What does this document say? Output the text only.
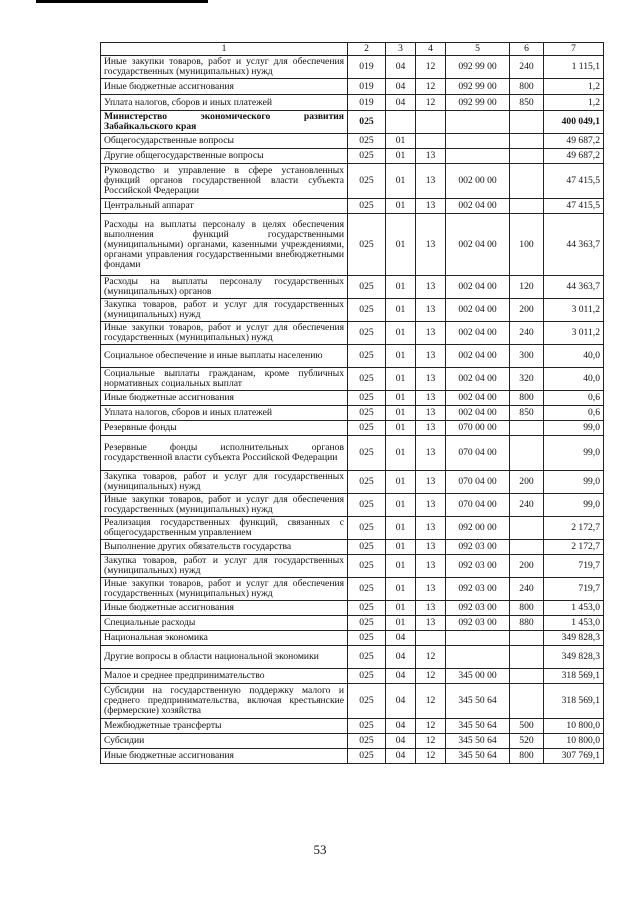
1	2	3	4	5	6	7
Иные закупки товаров, работ и услуг для обеспечения государственных (муниципальных) нужд	019	04	12	092 99 00	240	1 115,1
Иные бюджетные ассигнования	019	04	12	092 99 00	800	1,2
Уплата налогов, сборов и иных платежей	019	04	12	092 99 00	850	1,2
Министерство экономического развития Забайкальского края	025					400 049,1
Общегосударственные вопросы	025	01				49 687,2
Другие общегосударственные вопросы	025	01	13			49 687,2
Руководство и управление в сфере установленных функций органов государственной власти субъекта Российской Федерации	025	01	13	002 00 00		47 415,5
Центральный аппарат	025	01	13	002 04 00		47 415,5
Расходы на выплаты персоналу в целях обеспечения выполнения функций государственными (муниципальными) органами, казенными учреждениями, органами управления государственными внебюджетными фондами	025	01	13	002 04 00	100	44 363,7
Расходы на выплаты персоналу государственных (муниципальных) органов	025	01	13	002 04 00	120	44 363,7
Закупка товаров, работ и услуг для государственных (муниципальных) нужд	025	01	13	002 04 00	200	3 011,2
Иные закупки товаров, работ и услуг для обеспечения государственных (муниципальных) нужд	025	01	13	002 04 00	240	3 011,2
Социальное обеспечение и иные выплаты населению	025	01	13	002 04 00	300	40,0
Социальные выплаты гражданам, кроме публичных нормативных социальных выплат	025	01	13	002 04 00	320	40,0
Иные бюджетные ассигнования	025	01	13	002 04 00	800	0,6
Уплата налогов, сборов и иных платежей	025	01	13	002 04 00	850	0,6
Резервные фонды	025	01	13	070 00 00		99,0
Резервные фонды исполнительных органов государственной власти субъекта Российской Федерации	025	01	13	070 04 00		99,0
Закупка товаров, работ и услуг для государственных (муниципальных) нужд	025	01	13	070 04 00	200	99,0
Иные закупки товаров, работ и услуг для обеспечения государственных (муниципальных) нужд	025	01	13	070 04 00	240	99,0
Реализация государственных функций, связанных с общегосударственным управлением	025	01	13	092 00 00		2 172,7
Выполнение других обязательств государства	025	01	13	092 03 00		2 172,7
Закупка товаров, работ и услуг для государственных (муниципальных) нужд	025	01	13	092 03 00	200	719,7
Иные закупки товаров, работ и услуг для обеспечения государственных (муниципальных) нужд	025	01	13	092 03 00	240	719,7
Иные бюджетные ассигнования	025	01	13	092 03 00	800	1 453,0
Специальные расходы	025	01	13	092 03 00	880	1 453,0
Национальная экономика	025	04				349 828,3
Другие вопросы в области национальной экономики	025	04	12			349 828,3
Малое и среднее предпринимательство	025	04	12	345 00 00		318 569,1
Субсидии на государственную поддержку малого и среднего предпринимательства, включая крестьянские (фермерские) хозяйства	025	04	12	345 50 64		318 569,1
Межбюджетные трансферты	025	04	12	345 50 64	500	10 800,0
Субсидии	025	04	12	345 50 64	520	10 800,0
Иные бюджетные ассигнования	025	04	12	345 50 64	800	307 769,1
53
